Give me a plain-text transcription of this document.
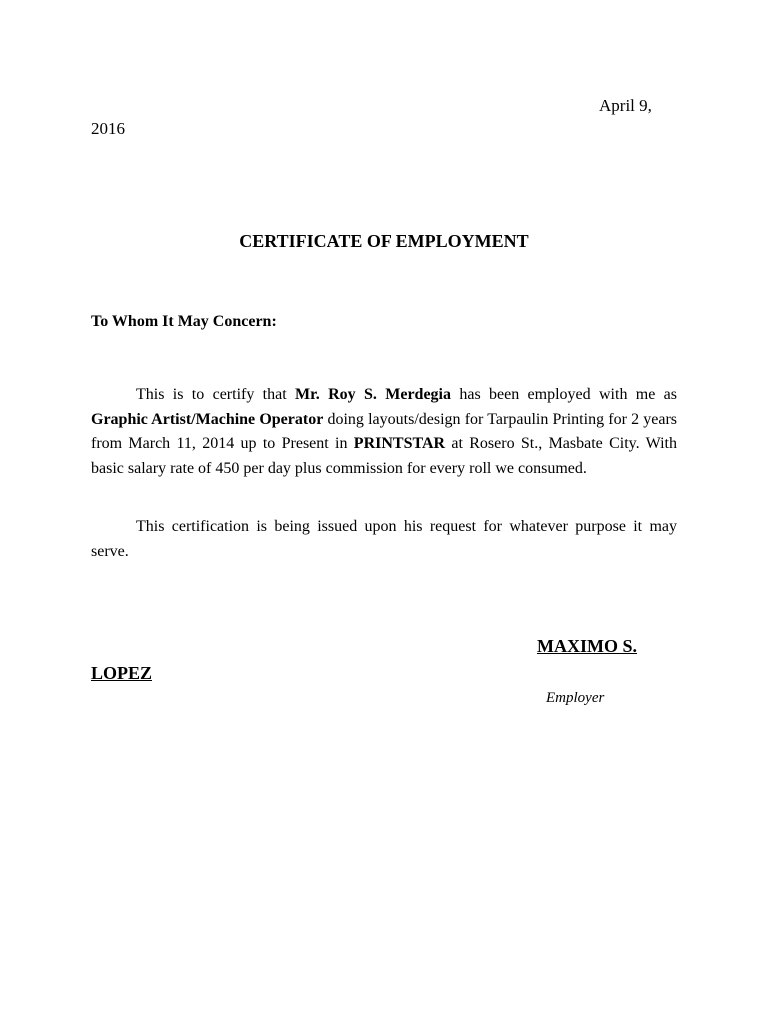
April 9,
2016
CERTIFICATE OF EMPLOYMENT
To Whom It May Concern:
This is to certify that Mr. Roy S. Merdegia has been employed with me as Graphic Artist/Machine Operator doing layouts/design for Tarpaulin Printing for 2 years from March 11, 2014 up to Present in PRINTSTAR at Rosero St., Masbate City. With basic salary rate of 450 per day plus commission for every roll we consumed.
This certification is being issued upon his request for whatever purpose it may serve.
MAXIMO S.
LOPEZ
Employer
